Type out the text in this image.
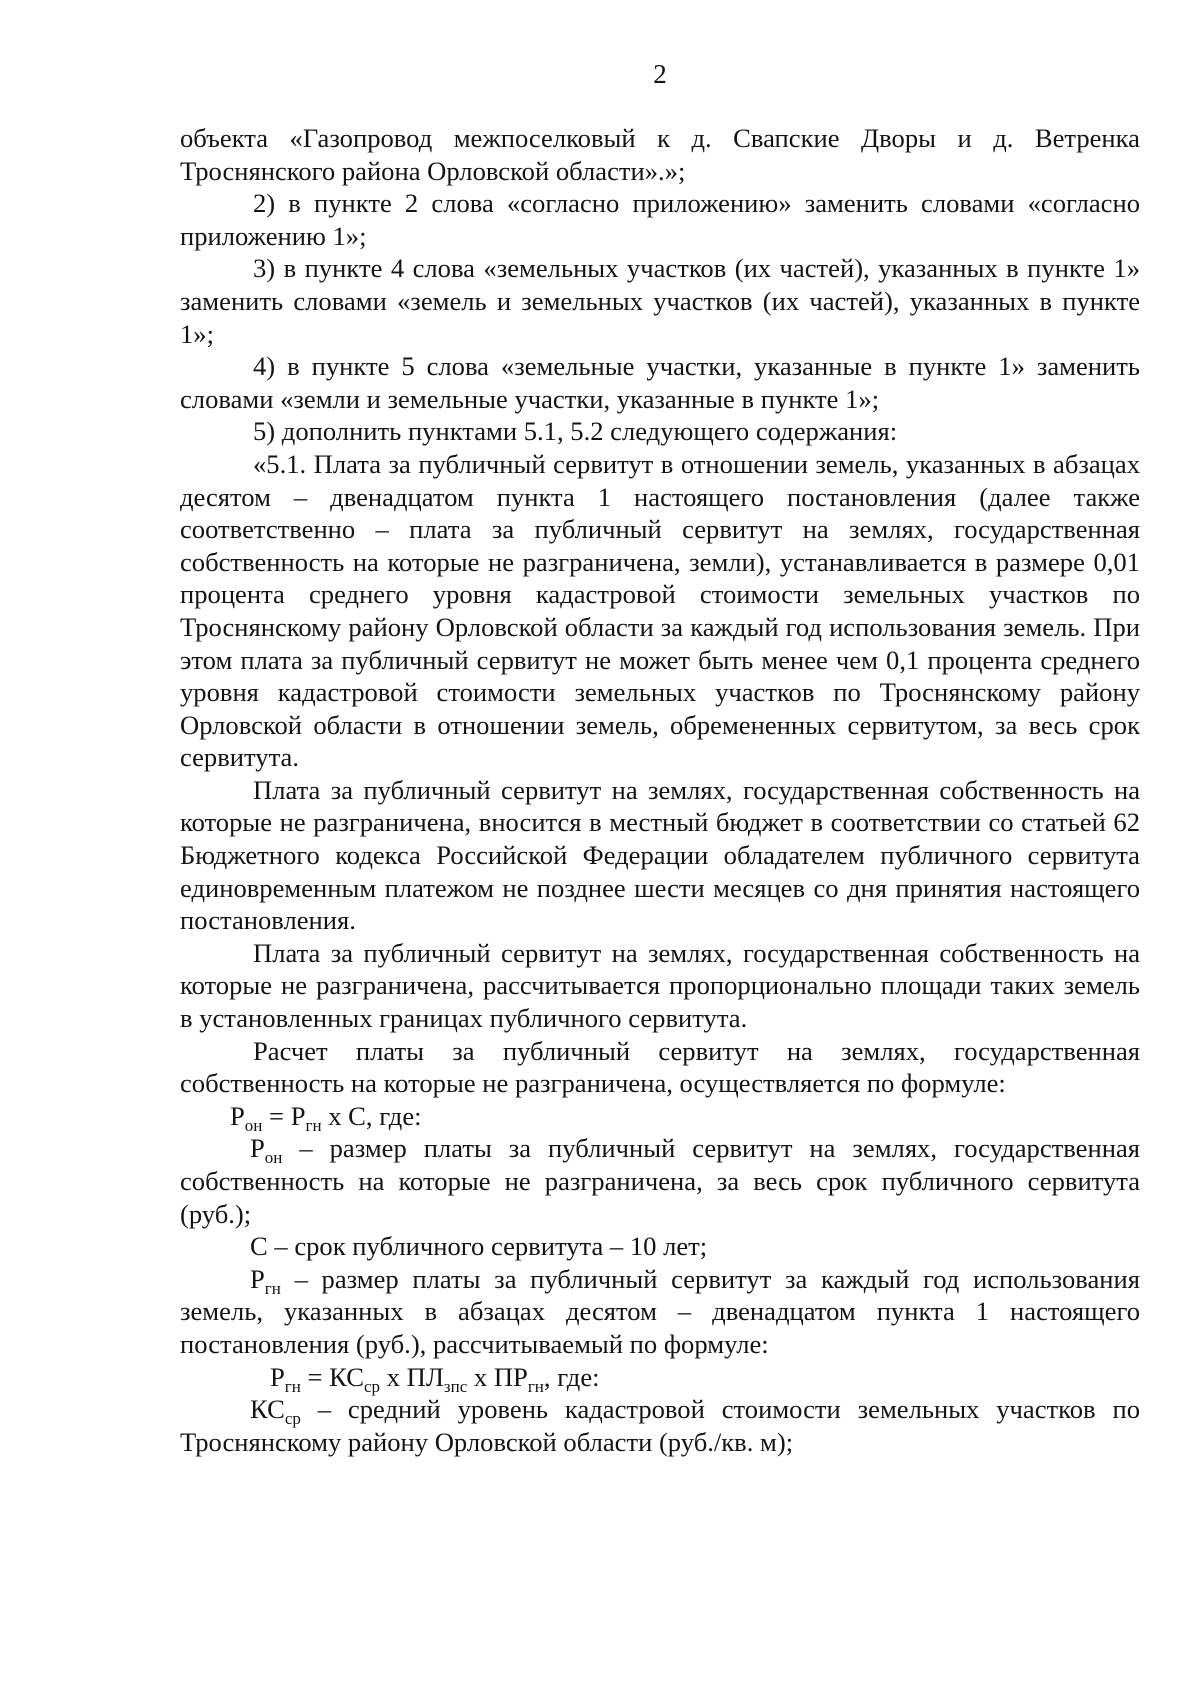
2

объекта «Газопровод межпоселковый к д. Свапские Дворы и д. Ветренка Троснянского района Орловской области».»;

2) в пункте 2 слова «согласно приложению» заменить словами «согласно приложению 1»;

3) в пункте 4 слова «земельных участков (их частей), указанных в пункте 1» заменить словами «земель и земельных участков (их частей), указанных в пункте 1»;

4) в пункте 5 слова «земельные участки, указанные в пункте 1» заменить словами «земли и земельные участки, указанные в пункте 1»;

5) дополнить пунктами 5.1, 5.2 следующего содержания:

«5.1. Плата за публичный сервитут в отношении земель, указанных в абзацах десятом – двенадцатом пункта 1 настоящего постановления (далее также соответственно – плата за публичный сервитут на землях, государственная собственность на которые не разграничена, земли), устанавливается в размере 0,01 процента среднего уровня кадастровой стоимости земельных участков по Троснянскому району Орловской области за каждый год использования земель. При этом плата за публичный сервитут не может быть менее чем 0,1 процента среднего уровня кадастровой стоимости земельных участков по Троснянскому району Орловской области в отношении земель, обремененных сервитутом, за весь срок сервитута.

Плата за публичный сервитут на землях, государственная собственность на которые не разграничена, вносится в местный бюджет в соответствии со статьей 62 Бюджетного кодекса Российской Федерации обладателем публичного сервитута единовременным платежом не позднее шести месяцев со дня принятия настоящего постановления.

Плата за публичный сервитут на землях, государственная собственность на которые не разграничена, рассчитывается пропорционально площади таких земель в установленных границах публичного сервитута.

Расчет платы за публичный сервитут на землях, государственная собственность на которые не разграничена, осуществляется по формуле:

$P_{он} = P_{гн}$ x C, где:

$P_{он}$ – размер платы за публичный сервитут на землях, государственная собственность на которые не разграничена, за весь срок публичного сервитута (руб.);

C – срок публичного сервитута – 10 лет;

$P_{гн}$ – размер платы за публичный сервитут за каждый год использования земель, указанных в абзацах десятом – двенадцатом пункта 1 настоящего постановления (руб.), рассчитываемый по формуле:

$P_{гн} = КС_{ср}$ x $ПЛ_{зпс}$ x $ПР_{гн}$, где:

$КС_{ср}$ – средний уровень кадастровой стоимости земельных участков по Троснянскому району Орловской области (руб./кв. м);
